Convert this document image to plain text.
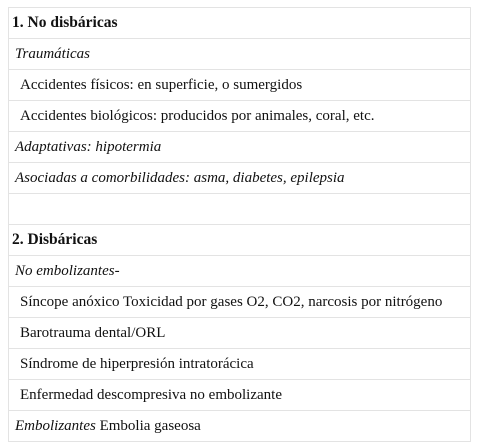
1. No disbáricas
Traumáticas
Accidentes físicos: en superficie, o sumergidos
Accidentes biológicos: producidos por animales, coral, etc.
Adaptativas: hipotermia
Asociadas a comorbilidades: asma, diabetes, epilepsia

2. Disbáricas
No embolizantes-
Síncope anóxico Toxicidad por gases O2, CO2, narcosis por nitrógeno
Barotrauma dental/ORL
Síndrome de hiperpresión intratorácica
Enfermedad descompresiva no embolizante
Embolizantes Embolia gaseosa
